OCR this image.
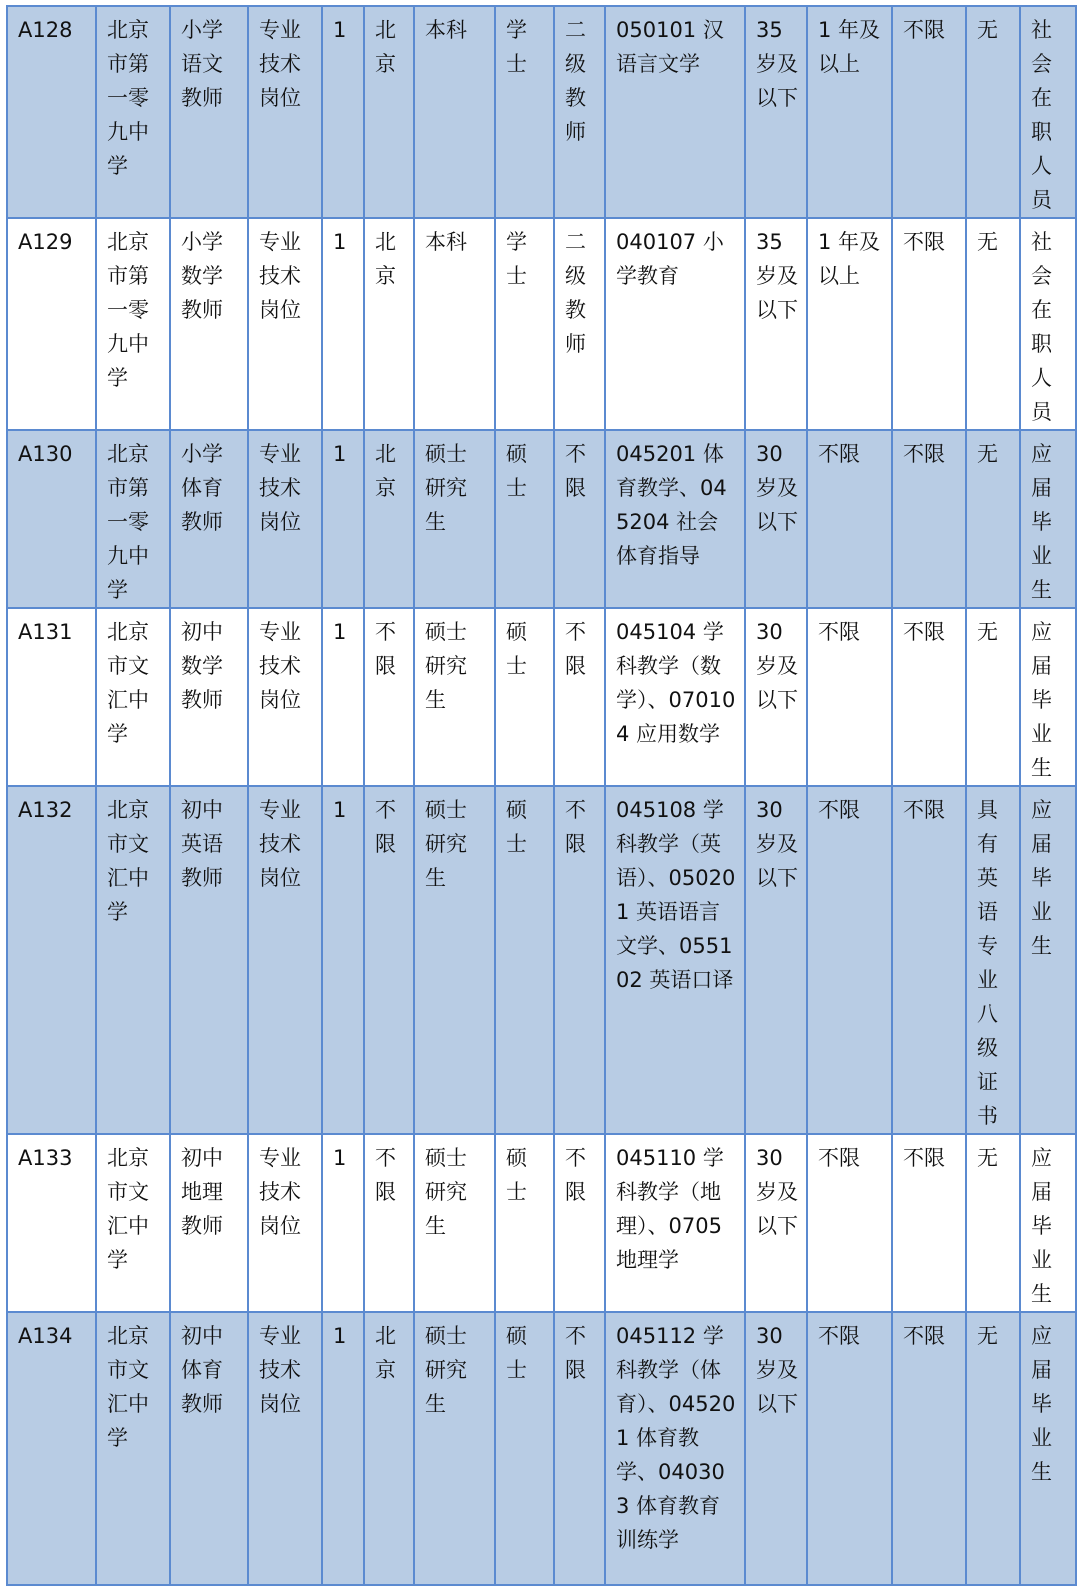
A128	北京市第一零九中学	小学语文教师	专业技术岗位	1	北京	本科	学士	二级教师	050101 汉语言文学	35 岁及以下	1 年及以上	不限	无	社会在职人员
A129	北京市第一零九中学	小学数学教师	专业技术岗位	1	北京	本科	学士	二级教师	040107 小学教育	35 岁及以下	1 年及以上	不限	无	社会在职人员
A130	北京市第一零九中学	小学体育教师	专业技术岗位	1	北京	硕士研究生	硕士	不限	045201 体育教学、045204 社会体育指导	30 岁及以下	不限	不限	无	应届毕业生
A131	北京市文汇中学	初中数学教师	专业技术岗位	1	不限	硕士研究生	硕士	不限	045104 学科教学（数学）、070104 应用数学	30 岁及以下	不限	不限	无	应届毕业生
A132	北京市文汇中学	初中英语教师	专业技术岗位	1	不限	硕士研究生	硕士	不限	045108 学科教学（英语）、050201 英语语言文学、055102 英语口译	30 岁及以下	不限	不限	具有英语专业八级证书	应届毕业生
A133	北京市文汇中学	初中地理教师	专业技术岗位	1	不限	硕士研究生	硕士	不限	045110 学科教学（地理）、0705 地理学	30 岁及以下	不限	不限	无	应届毕业生
A134	北京市文汇中学	初中体育教师	专业技术岗位	1	北京	硕士研究生	硕士	不限	045112 学科教学（体育）、045201 体育教学、040303 体育教育训练学	30 岁及以下	不限	不限	无	应届毕业生
